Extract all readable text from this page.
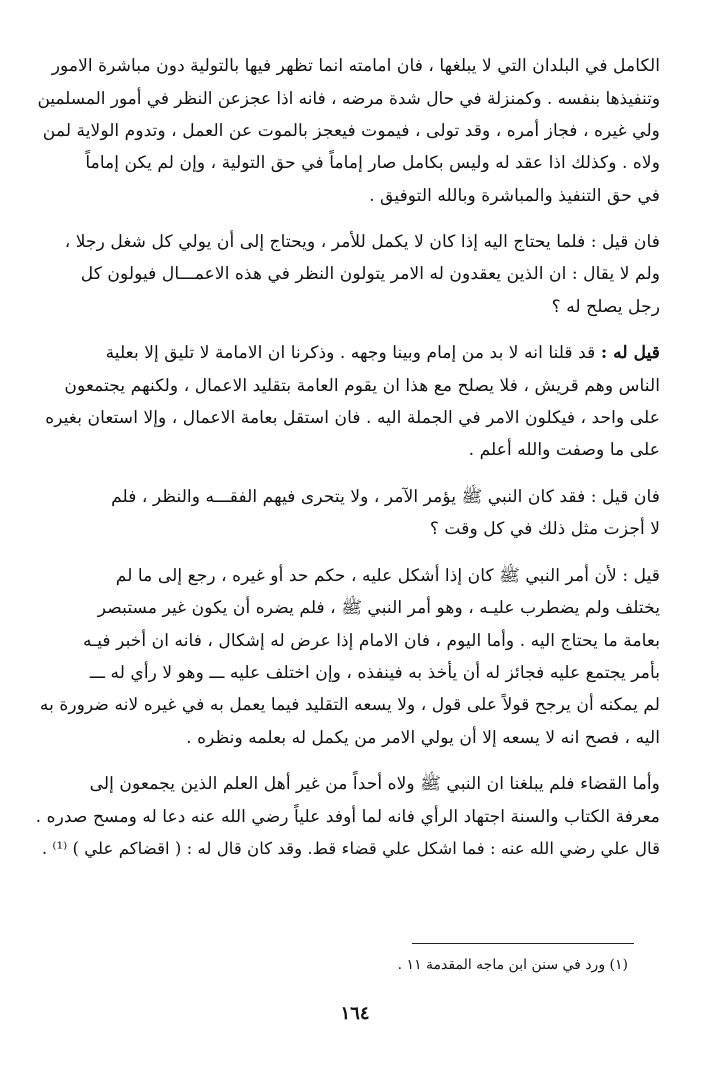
الكامل في البلدان التي لا يبلغها ، فان امامته انما تظهر فيها بالتولية دون مباشرة الامور
وتنفيذها بنفسه . وكمنزلة في حال شدة مرضه ، فانه اذا عجزعن النظر في أمور المسلمين
ولي غيره ، فجاز أمره ، وقد تولى ، فيموت فيعجز بالموت عن العمل ، وتدوم الولاية لمن
ولاه . وكذلك اذا عقد له وليس بكامل صار إماماً في حق التولية ، وإن لم يكن إماماً
في حق التنفيذ والمباشرة وبالله التوفيق .

فان قيل : فلما يحتاج اليه إذا كان لا يكمل للأمر ، ويحتاج إلى أن يولي كل شغل رجلا ،
ولم لا يقال : ان الذين يعقدون له الامر يتولون النظر في هذه الاعمـــال فيولون كل
رجل يصلح له ؟

قيل له : قد قلنا انه لا بد من إمام وبينا وجهه . وذكرنا ان الامامة لا تليق إلا بعلية
الناس وهم قريش ، فلا يصلح مع هذا ان يقوم العامة بتقليد الاعمال ، ولكنهم يجتمعون
على واحد ، فيكلون الامر في الجملة اليه . فان استقل بعامة الاعمال ، وإلا استعان بغيره
على ما وصفت والله أعلم .

فان قيل : فقد كان النبي ﷺ يؤمر الآمر ، ولا يتحرى فيهم الفقـــه والنظر ، فلم
لا أجزت مثل ذلك في كل وقت ؟

قيل : لأن أمر النبي ﷺ كان إذا أشكل عليه ، حكم حد أو غيره ، رجع إلى ما لم
يختلف ولم يضطرب عليـه ، وهو أمر النبي ﷺ ، فلم يضره أن يكون غير مستبصر
بعامة ما يحتاج اليه . وأما اليوم ، فان الامام إذا عرض له إشكال ، فانه ان أخبر فيـه
بأمر يجتمع عليه فجائز له أن يأخذ به فينفذه ، وإن اختلف عليه ـــ وهو لا رأي له ـــ
لم يمكنه أن يرجح قولاً على قول ، ولا يسعه التقليد فيما يعمل به في غيره لانه ضرورة به
اليه ، فصح انه لا يسعه إلا أن يولي الامر من يكمل له بعلمه ونظره .

وأما القضاء فلم يبلغنا ان النبي ﷺ ولاه أحداً من غير أهل العلم الذين يجمعون إلى
معرفة الكتاب والسنة اجتهاد الرأي فانه لما أوفد علياً رضي الله عنه دعا له ومسح صدره .
قال علي رضي الله عنه : فما اشكل علي قضاء قط. وقد كان قال له : ( اقضاكم علي ) ⁽¹⁾ .

(١) ورد في سنن ابن ماجه المقدمة ١١ .
١٦٤
